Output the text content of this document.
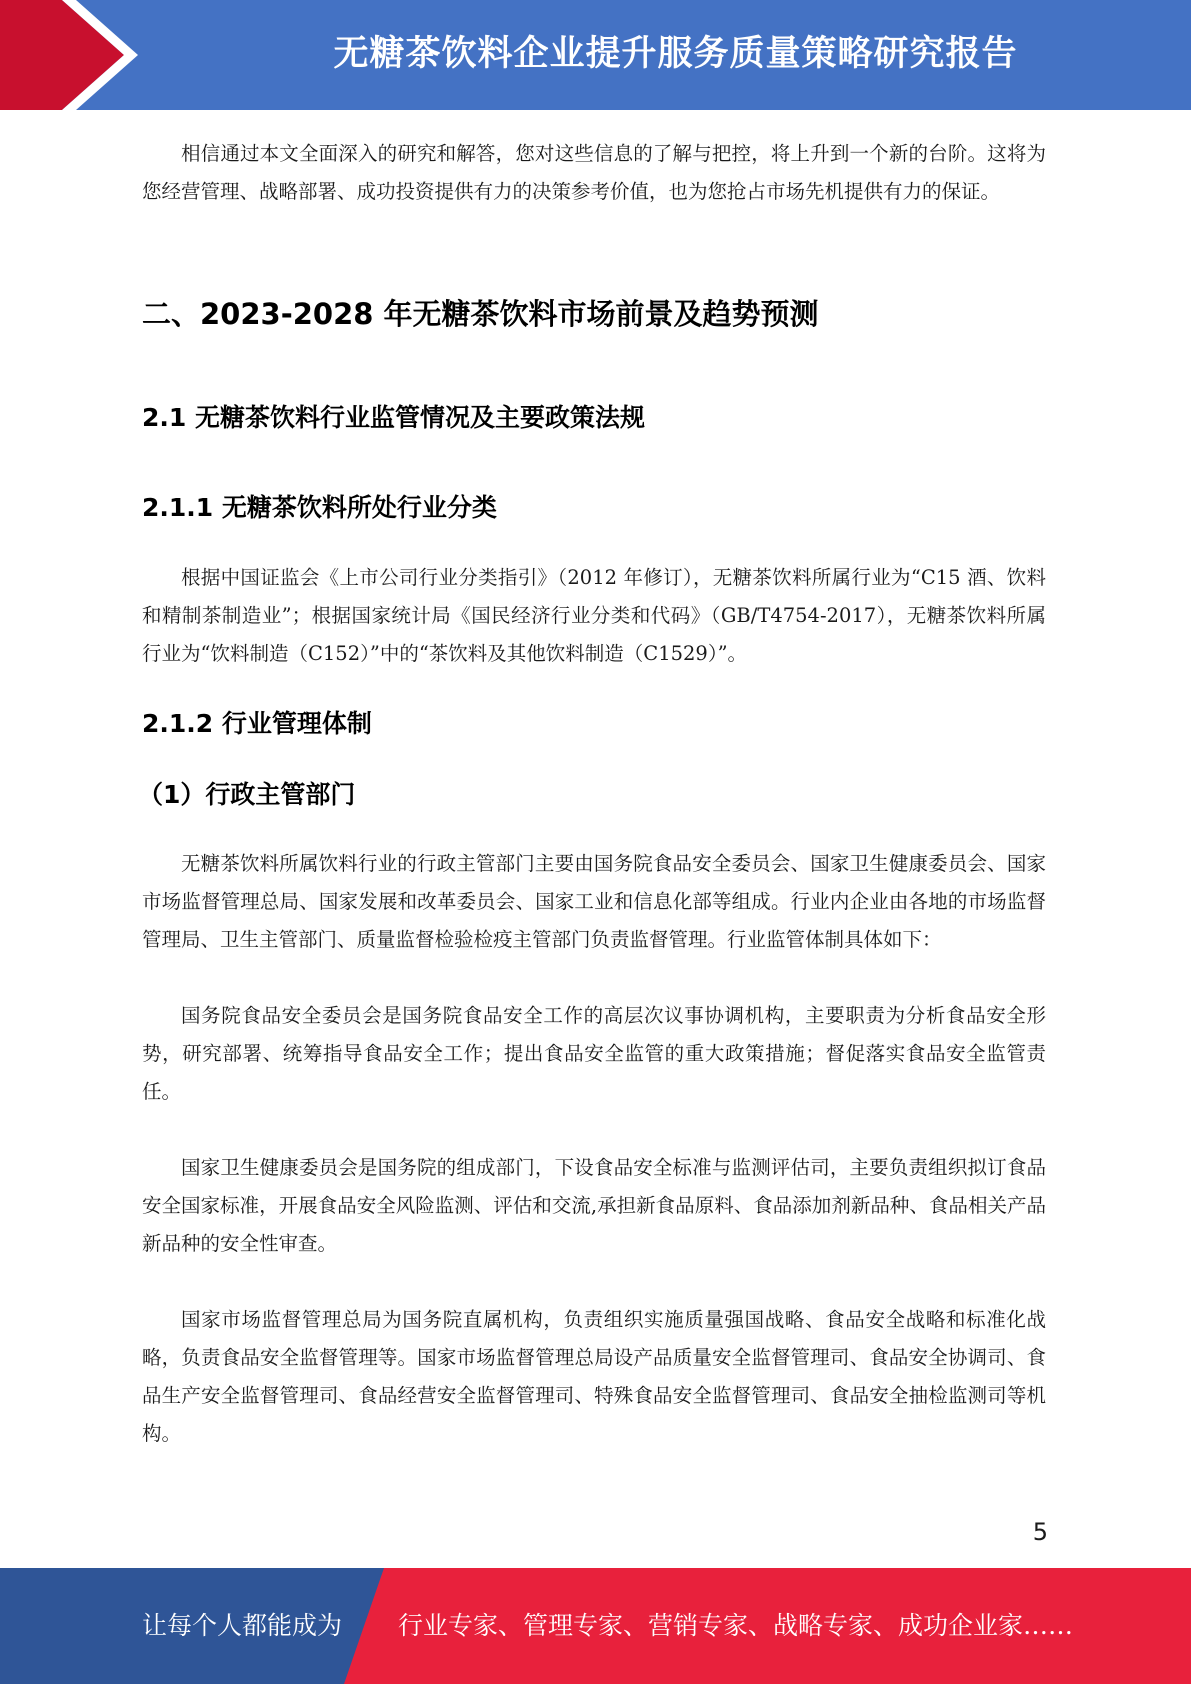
无糖茶饮料企业提升服务质量策略研究报告

相信通过本文全面深入的研究和解答，您对这些信息的了解与把控，将上升到一个新的台阶。这将为您经营管理、战略部署、成功投资提供有力的决策参考价值，也为您抢占市场先机提供有力的保证。

二、2023-2028 年无糖茶饮料市场前景及趋势预测
2.1 无糖茶饮料行业监管情况及主要政策法规
2.1.1 无糖茶饮料所处行业分类

根据中国证监会《上市公司行业分类指引》（2012 年修订），无糖茶饮料所属行业为“C15 酒、饮料和精制茶制造业”；根据国家统计局《国民经济行业分类和代码》（GB/T4754-2017），无糖茶饮料所属行业为“饮料制造（C152）”中的“茶饮料及其他饮料制造（C1529）”。

2.1.2 行业管理体制
（1）行政主管部门

无糖茶饮料所属饮料行业的行政主管部门主要由国务院食品安全委员会、国家卫生健康委员会、国家市场监督管理总局、国家发展和改革委员会、国家工业和信息化部等组成。行业内企业由各地的市场监督管理局、卫生主管部门、质量监督检验检疫主管部门负责监督管理。行业监管体制具体如下：

国务院食品安全委员会是国务院食品安全工作的高层次议事协调机构，主要职责为分析食品安全形势，研究部署、统筹指导食品安全工作；提出食品安全监管的重大政策措施；督促落实食品安全监管责任。

国家卫生健康委员会是国务院的组成部门，下设食品安全标准与监测评估司，主要负责组织拟订食品安全国家标准，开展食品安全风险监测、评估和交流,承担新食品原料、食品添加剂新品种、食品相关产品新品种的安全性审查。

国家市场监督管理总局为国务院直属机构，负责组织实施质量强国战略、食品安全战略和标准化战略，负责食品安全监督管理等。国家市场监督管理总局设产品质量安全监督管理司、食品安全协调司、食品生产安全监督管理司、食品经营安全监督管理司、特殊食品安全监督管理司、食品安全抽检监测司等机构。

5
让每个人都能成为 行业专家、管理专家、营销专家、战略专家、成功企业家……
